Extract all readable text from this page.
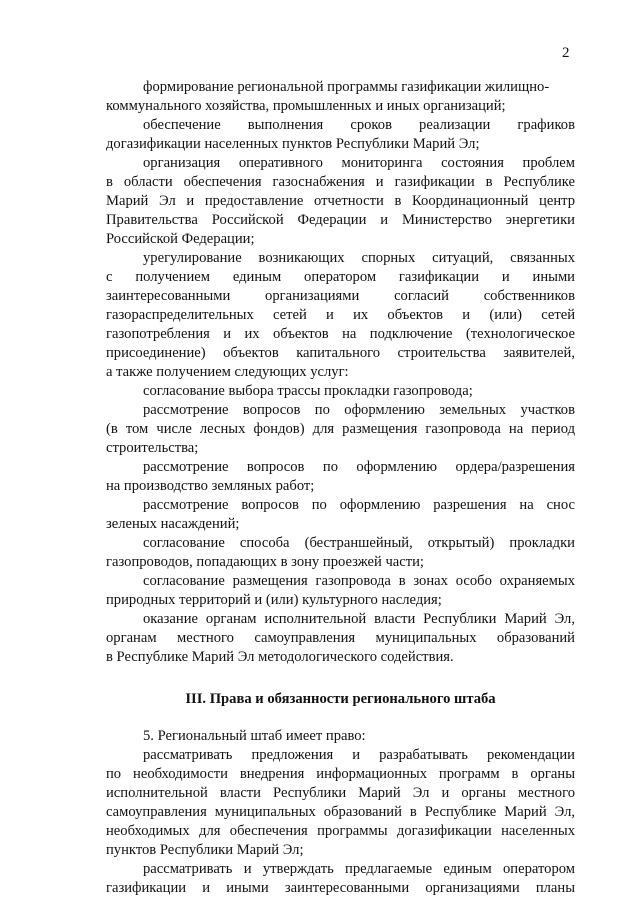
2
формирование региональной программы газификации жилищно-
коммунального хозяйства, промышленных и иных организаций;
обеспечение выполнения сроков реализации графиков
догазификации населенных пунктов Республики Марий Эл;
организация оперативного мониторинга состояния проблем
в области обеспечения газоснабжения и газификации в Республике
Марий Эл и предоставление отчетности в Координационный центр
Правительства Российской Федерации и Министерство энергетики
Российской Федерации;
урегулирование возникающих спорных ситуаций, связанных
с получением единым оператором газификации и иными
заинтересованными организациями согласий собственников
газораспределительных сетей и их объектов и (или) сетей
газопотребления и их объектов на подключение (технологическое
присоединение) объектов капитального строительства заявителей,
а также получением следующих услуг:
согласование выбора трассы прокладки газопровода;
рассмотрение вопросов по оформлению земельных участков
(в том числе лесных фондов) для размещения газопровода на период
строительства;
рассмотрение вопросов по оформлению ордера/разрешения
на производство земляных работ;
рассмотрение вопросов по оформлению разрешения на снос
зеленых насаждений;
согласование способа (бестраншейный, открытый) прокладки
газопроводов, попадающих в зону проезжей части;
согласование размещения газопровода в зонах особо охраняемых
природных территорий и (или) культурного наследия;
оказание органам исполнительной власти Республики Марий Эл,
органам местного самоуправления муниципальных образований
в Республике Марий Эл методологического содействия.
III. Права и обязанности регионального штаба
5. Региональный штаб имеет право:
рассматривать предложения и разрабатывать рекомендации
по необходимости внедрения информационных программ в органы
исполнительной власти Республики Марий Эл и органы местного
самоуправления муниципальных образований в Республике Марий Эл,
необходимых для обеспечения программы догазификации населенных
пунктов Республики Марий Эл;
рассматривать и утверждать предлагаемые единым оператором
газификации и иными заинтересованными организациями планы
